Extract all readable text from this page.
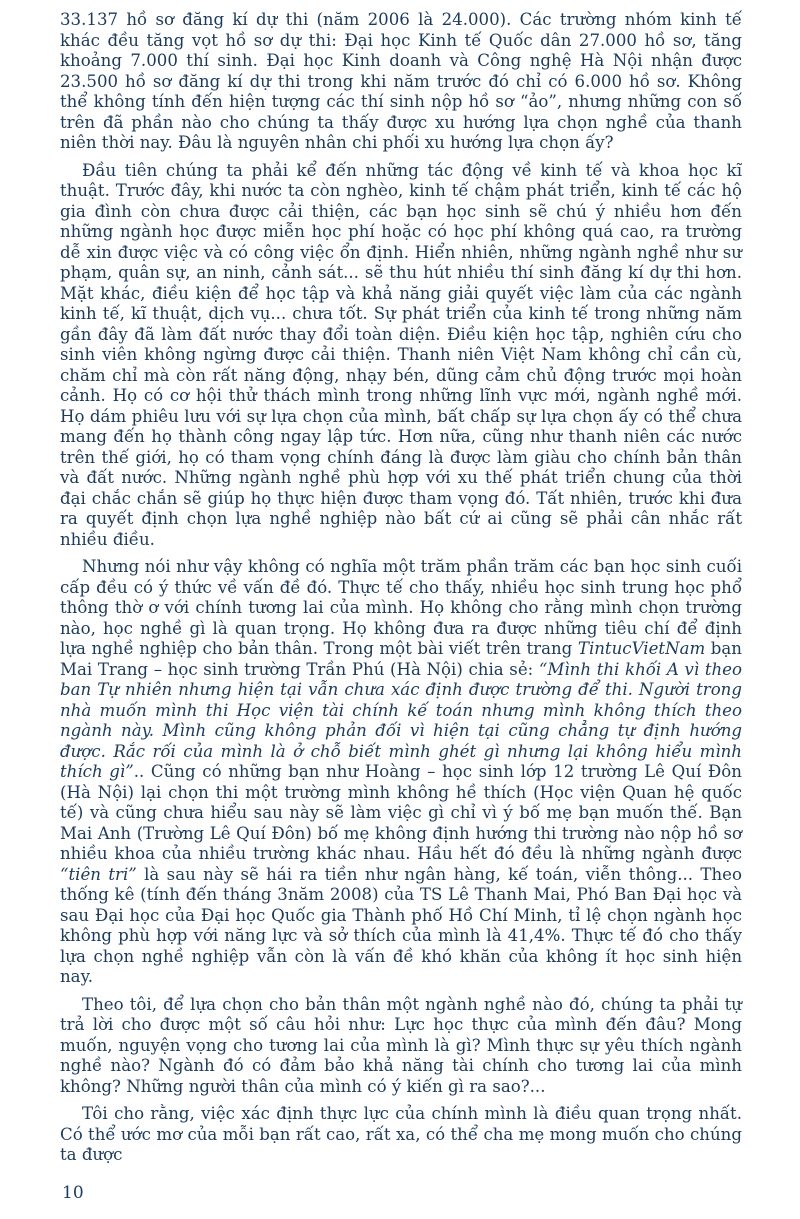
33.137 hồ sơ đăng kí dự thi (năm 2006 là 24.000). Các trường nhóm kinh tế khác đều tăng vọt hồ sơ dự thi: Đại học Kinh tế Quốc dân 27.000 hồ sơ, tăng khoảng 7.000 thí sinh. Đại học Kinh doanh và Công nghệ Hà Nội nhận được 23.500 hồ sơ đăng kí dự thi trong khi năm trước đó chỉ có 6.000 hồ sơ. Không thể không tính đến hiện tượng các thí sinh nộp hồ sơ “ảo”, nhưng những con số trên đã phần nào cho chúng ta thấy được xu hướng lựa chọn nghề của thanh niên thời nay. Đâu là nguyên nhân chi phối xu hướng lựa chọn ấy?

Đầu tiên chúng ta phải kể đến những tác động về kinh tế và khoa học kĩ thuật. Trước đây, khi nước ta còn nghèo, kinh tế chậm phát triển, kinh tế các hộ gia đình còn chưa được cải thiện, các bạn học sinh sẽ chú ý nhiều hơn đến những ngành học được miễn học phí hoặc có học phí không quá cao, ra trường dễ xin được việc và có công việc ổn định. Hiển nhiên, những ngành nghề như sư phạm, quân sự, an ninh, cảnh sát... sẽ thu hút nhiều thí sinh đăng kí dự thi hơn. Mặt khác, điều kiện để học tập và khả năng giải quyết việc làm của các ngành kinh tế, kĩ thuật, dịch vụ... chưa tốt. Sự phát triển của kinh tế trong những năm gần đây đã làm đất nước thay đổi toàn diện. Điều kiện học tập, nghiên cứu cho sinh viên không ngừng được cải thiện. Thanh niên Việt Nam không chỉ cần cù, chăm chỉ mà còn rất năng động, nhạy bén, dũng cảm chủ động trước mọi hoàn cảnh. Họ có cơ hội thử thách mình trong những lĩnh vực mới, ngành nghề mới. Họ dám phiêu lưu với sự lựa chọn của mình, bất chấp sự lựa chọn ấy có thể chưa mang đến họ thành công ngay lập tức. Hơn nữa, cũng như thanh niên các nước trên thế giới, họ có tham vọng chính đáng là được làm giàu cho chính bản thân và đất nước. Những ngành nghề phù hợp với xu thế phát triển chung của thời đại chắc chắn sẽ giúp họ thực hiện được tham vọng đó. Tất nhiên, trước khi đưa ra quyết định chọn lựa nghề nghiệp nào bất cứ ai cũng sẽ phải cân nhắc rất nhiều điều.

Nhưng nói như vậy không có nghĩa một trăm phần trăm các bạn học sinh cuối cấp đều có ý thức về vấn đề đó. Thực tế cho thấy, nhiều học sinh trung học phổ thông thờ ơ với chính tương lai của mình. Họ không cho rằng mình chọn trường nào, học nghề gì là quan trọng. Họ không đưa ra được những tiêu chí để định lựa nghề nghiệp cho bản thân. Trong một bài viết trên trang TintucVietNam bạn Mai Trang – học sinh trường Trần Phú (Hà Nội) chia sẻ: “Mình thi khối A vì theo ban Tự nhiên nhưng hiện tại vẫn chưa xác định được trường để thi. Người trong nhà muốn mình thi Học viện tài chính kế toán nhưng mình không thích theo ngành này. Mình cũng không phản đối vì hiện tại cũng chẳng tự định hướng được. Rắc rối của mình là ở chỗ biết mình ghét gì nhưng lại không hiểu mình thích gì”.. Cũng có những bạn như Hoàng – học sinh lớp 12 trường Lê Quí Đôn (Hà Nội) lại chọn thi một trường mình không hề thích (Học viện Quan hệ quốc tế) và cũng chưa hiểu sau này sẽ làm việc gì chỉ vì ý bố mẹ bạn muốn thế. Bạn Mai Anh (Trường Lê Quí Đôn) bố mẹ không định hướng thi trường nào nộp hồ sơ nhiều khoa của nhiều trường khác nhau. Hầu hết đó đều là những ngành được “tiên tri” là sau này sẽ hái ra tiền như ngân hàng, kế toán, viễn thông... Theo thống kê (tính đến tháng 3năm 2008) của TS Lê Thanh Mai, Phó Ban Đại học và sau Đại học của Đại học Quốc gia Thành phố Hồ Chí Minh, tỉ lệ chọn ngành học không phù hợp với năng lực và sở thích của mình là 41,4%. Thực tế đó cho thấy lựa chọn nghề nghiệp vẫn còn là vấn đề khó khăn của không ít học sinh hiện nay.

Theo tôi, để lựa chọn cho bản thân một ngành nghề nào đó, chúng ta phải tự trả lời cho được một số câu hỏi như: Lực học thực của mình đến đâu? Mong muốn, nguyện vọng cho tương lai của mình là gì? Mình thực sự yêu thích ngành nghề nào? Ngành đó có đảm bảo khả năng tài chính cho tương lai của mình không? Những người thân của mình có ý kiến gì ra sao?...

Tôi cho rằng, việc xác định thực lực của chính mình là điều quan trọng nhất. Có thể ước mơ của mỗi bạn rất cao, rất xa, có thể cha mẹ mong muốn cho chúng ta được

10
